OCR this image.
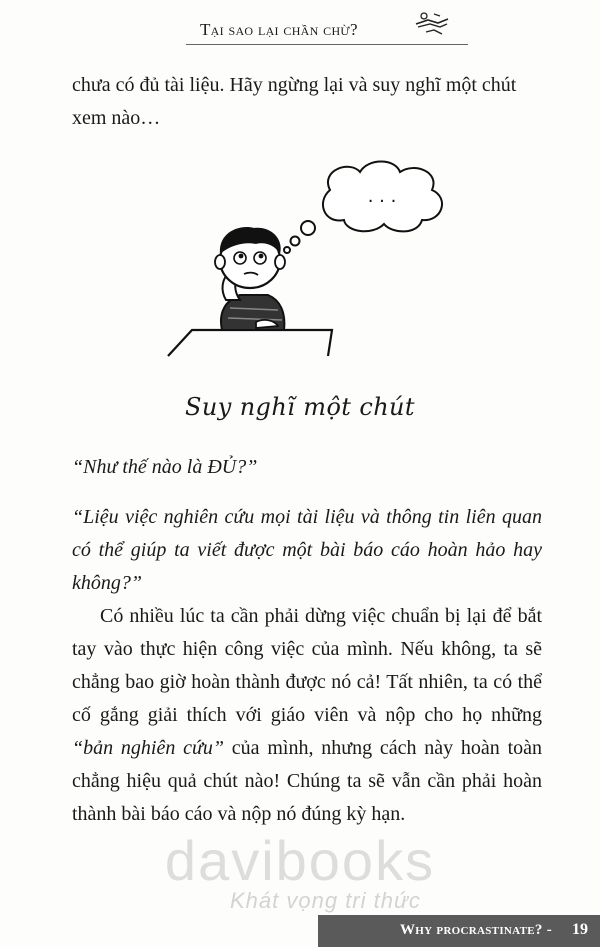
Tại sao lại chần chừ?

chưa có đủ tài liệu. Hãy ngừng lại và suy nghĩ một chút xem nào…

. . .
Suy nghĩ một chút

“Như thế nào là ĐỦ?”

“Liệu việc nghiên cứu mọi tài liệu và thông tin liên quan có thể giúp ta viết được một bài báo cáo hoàn hảo hay không?”

Có nhiều lúc ta cần phải dừng việc chuẩn bị lại để bắt tay vào thực hiện công việc của mình. Nếu không, ta sẽ chẳng bao giờ hoàn thành được nó cả! Tất nhiên, ta có thể cố gắng giải thích với giáo viên và nộp cho họ những “bản nghiên cứu” của mình, nhưng cách này hoàn toàn chẳng hiệu quả chút nào! Chúng ta sẽ vẫn cần phải hoàn thành bài báo cáo và nộp nó đúng kỳ hạn.

davibooks
Khát vọng tri thức
Why procrastinate? - 19
